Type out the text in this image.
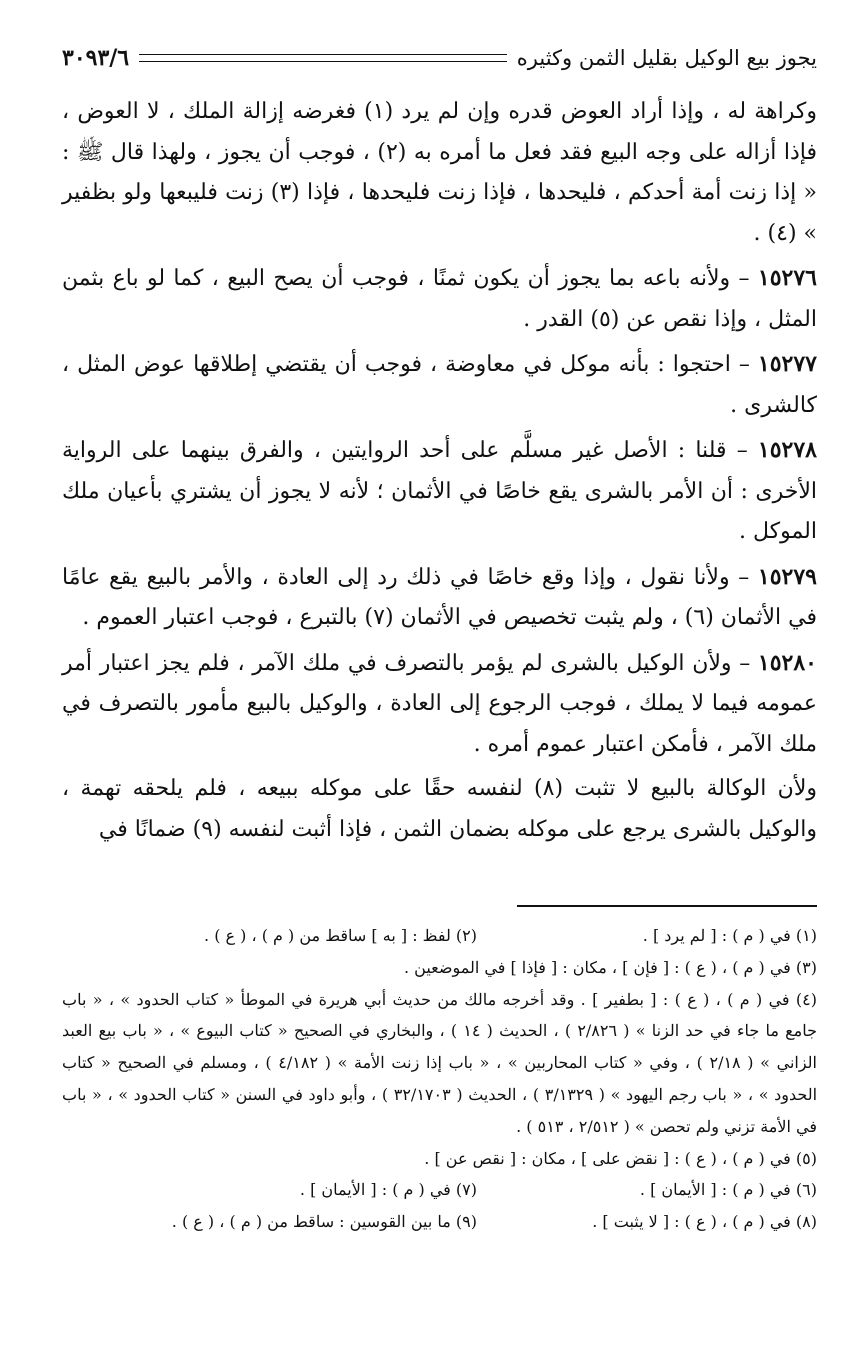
يجوز بيع الوكيل بقليل الثمن وكثيره
٣٠٩٣/٦

وكراهة له ، وإذا أراد العوض قدره وإن لم يرد (١) فغرضه إزالة الملك ، لا العوض ، فإذا أزاله على وجه البيع فقد فعل ما أمره به (٢) ، فوجب أن يجوز ، ولهذا قال ﷺ : « إذا زنت أمة أحدكم ، فليحدها ، فإذا زنت فليحدها ، فإذا (٣) زنت فليبعها ولو بظفير » (٤) .

١٥٢٧٦ – ولأنه باعه بما يجوز أن يكون ثمنًا ، فوجب أن يصح البيع ، كما لو باع بثمن المثل ، وإذا نقص عن (٥) القدر .

١٥٢٧٧ – احتجوا : بأنه موكل في معاوضة ، فوجب أن يقتضي إطلاقها عوض المثل ، كالشرى .

١٥٢٧٨ – قلنا : الأصل غير مسلَّم على أحد الروايتين ، والفرق بينهما على الرواية الأخرى : أن الأمر بالشرى يقع خاصًا في الأثمان ؛ لأنه لا يجوز أن يشتري بأعيان ملك الموكل .

١٥٢٧٩ – ولأنا نقول ، وإذا وقع خاصًا في ذلك رد إلى العادة ، والأمر بالبيع يقع عامًا في الأثمان (٦) ، ولم يثبت تخصيص في الأثمان (٧) بالتبرع ، فوجب اعتبار العموم .

١٥٢٨٠ – ولأن الوكيل بالشرى لم يؤمر بالتصرف في ملك الآمر ، فلم يجز اعتبار أمر عمومه فيما لا يملك ، فوجب الرجوع إلى العادة ، والوكيل بالبيع مأمور بالتصرف في ملك الآمر ، فأمكن اعتبار عموم أمره .

ولأن الوكالة بالبيع لا تثبت (٨) لنفسه حقًا على موكله ببيعه ، فلم يلحقه تهمة ، والوكيل بالشرى يرجع على موكله بضمان الثمن ، فإذا أثبت لنفسه (٩) ضمانًا في

(١) في ( م ) : [ لم يرد ] .
(٢) لفظ : [ به ] ساقط من ( م ) ، ( ع ) .
(٣) في ( م ) ، ( ع ) : [ فإن ] ، مكان : [ فإذا ] في الموضعين .
(٤) في ( م ) ، ( ع ) : [ بطفير ] . وقد أخرجه مالك من حديث أبي هريرة في الموطأ « كتاب الحدود » ، « باب جامع ما جاء في حد الزنا » ( ٢/٨٢٦ ) ، الحديث ( ١٤ ) ، والبخاري في الصحيح « كتاب البيوع » ، « باب بيع العبد الزاني » ( ٢/١٨ ) ، وفي « كتاب المحاربين » ، « باب إذا زنت الأمة » ( ٤/١٨٢ ) ، ومسلم في الصحيح « كتاب الحدود » ، « باب رجم اليهود » ( ٣/١٣٢٩ ) ، الحديث ( ٣٢/١٧٠٣ ) ، وأبو داود في السنن « كتاب الحدود » ، « باب في الأمة تزني ولم تحصن » ( ٢/٥١٢ ، ٥١٣ ) .
(٥) في ( م ) ، ( ع ) : [ نقض على ] ، مكان : [ نقص عن ] .
(٦) في ( م ) : [ الأيمان ] .
(٧) في ( م ) : [ الأيمان ] .
(٨) في ( م ) ، ( ع ) : [ لا يثبت ] .
(٩) ما بين القوسين : ساقط من ( م ) ، ( ع ) .
